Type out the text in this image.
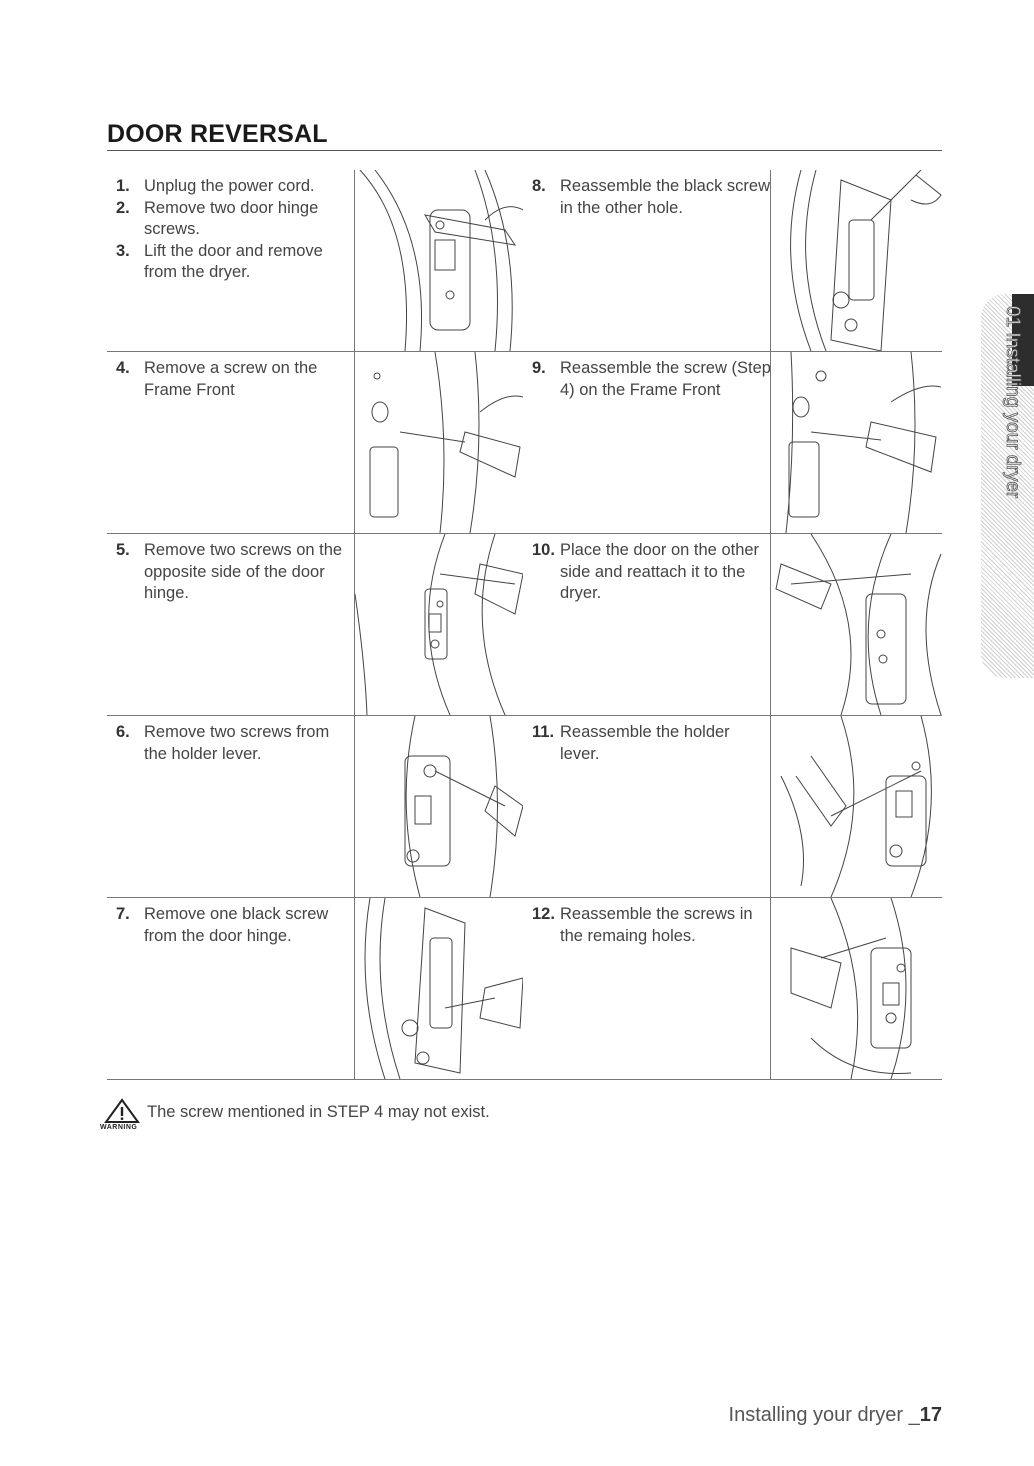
DOOR REVERSAL
1. Unplug the power cord.
2. Remove two door hinge screws.
3. Lift the door and remove from the dryer.
8. Reassemble the black screw in the other hole.
4. Remove a screw on the Frame Front
9. Reassemble the screw (Step 4) on the Frame Front
5. Remove two screws on the opposite side of the door hinge.
10. Place the door on the other side and reattach it to the dryer.
6. Remove two screws from the holder lever.
11. Reassemble the holder lever.
7. Remove one black screw from the door hinge.
12. Reassemble the screws in the remaing holes.
WARNING
The screw mentioned in STEP 4 may not exist.
01 Installing your dryer
Installing your dryer _17
